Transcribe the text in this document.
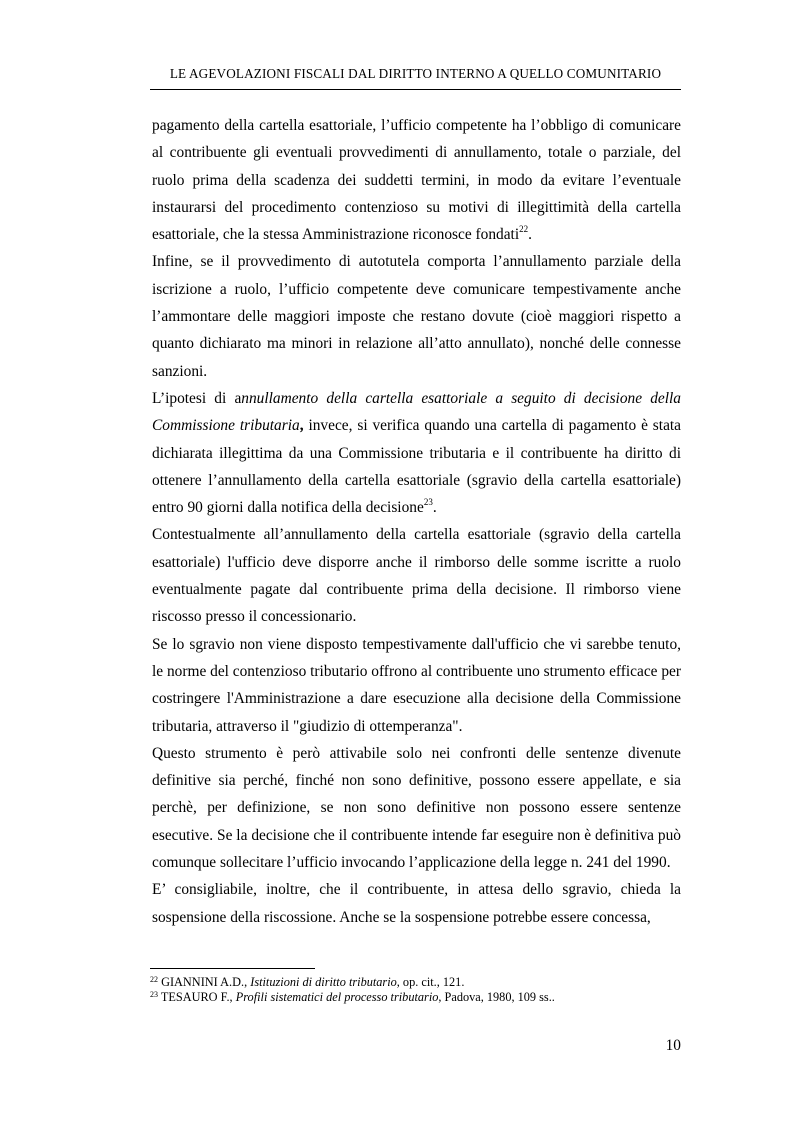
LE AGEVOLAZIONI FISCALI DAL DIRITTO INTERNO A QUELLO COMUNITARIO

pagamento della cartella esattoriale, l’ufficio competente ha l’obbligo di comunicare al contribuente gli eventuali provvedimenti di annullamento, totale o parziale, del ruolo prima della scadenza dei suddetti termini, in modo da evitare l’eventuale instaurarsi del procedimento contenzioso su motivi di illegittimità della cartella esattoriale, che la stessa Amministrazione riconosce fondati$^{22}$.

Infine, se il provvedimento di autotutela comporta l’annullamento parziale della iscrizione a ruolo, l’ufficio competente deve comunicare tempestivamente anche l’ammontare delle maggiori imposte che restano dovute (cioè maggiori rispetto a quanto dichiarato ma minori in relazione all’atto annullato), nonché delle connesse sanzioni.

L’ipotesi di annullamento della cartella esattoriale a seguito di decisione della Commissione tributaria, invece, si verifica quando una cartella di pagamento è stata dichiarata illegittima da una Commissione tributaria e il contribuente ha diritto di ottenere l’annullamento della cartella esattoriale (sgravio della cartella esattoriale) entro 90 giorni dalla notifica della decisione$^{23}$.

Contestualmente all’annullamento della cartella esattoriale (sgravio della cartella esattoriale) l'ufficio deve disporre anche il rimborso delle somme iscritte a ruolo eventualmente pagate dal contribuente prima della decisione. Il rimborso viene riscosso presso il concessionario.

Se lo sgravio non viene disposto tempestivamente dall'ufficio che vi sarebbe tenuto, le norme del contenzioso tributario offrono al contribuente uno strumento efficace per costringere l'Amministrazione a dare esecuzione alla decisione della Commissione tributaria, attraverso il "giudizio di ottemperanza".

Questo strumento è però attivabile solo nei confronti delle sentenze divenute definitive sia perché, finché non sono definitive, possono essere appellate, e sia perchè, per definizione, se non sono definitive non possono essere sentenze esecutive. Se la decisione che il contribuente intende far eseguire non è definitiva può comunque sollecitare l’ufficio invocando l’applicazione della legge n. 241 del 1990.

E’ consigliabile, inoltre, che il contribuente, in attesa dello sgravio, chieda la sospensione della riscossione. Anche se la sospensione potrebbe essere concessa,

$^{22}$ GIANNINI A.D., Istituzioni di diritto tributario, op. cit., 121.
$^{23}$ TESAURO F., Profili sistematici del processo tributario, Padova, 1980, 109 ss..
10
